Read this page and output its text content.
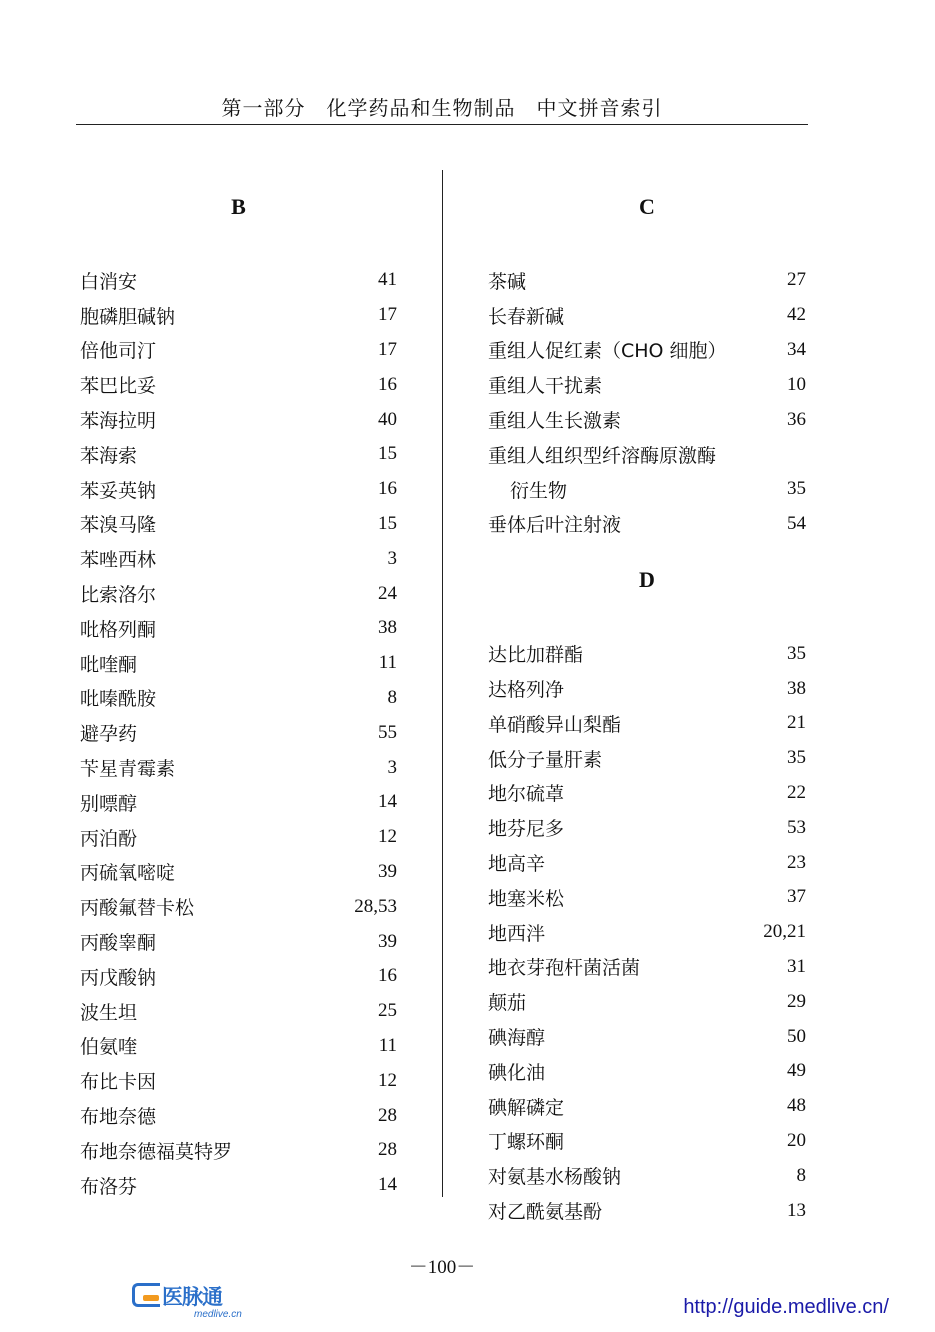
第一部分　化学药品和生物制品　中文拼音索引
B
白消安	41
胞磷胆碱钠	17
倍他司汀	17
苯巴比妥	16
苯海拉明	40
苯海索	15
苯妥英钠	16
苯溴马隆	15
苯唑西林	3
比索洛尔	24
吡格列酮	38
吡喹酮	11
吡嗪酰胺	8
避孕药	55
苄星青霉素	3
别嘌醇	14
丙泊酚	12
丙硫氧嘧啶	39
丙酸氟替卡松	28,53
丙酸睾酮	39
丙戊酸钠	16
波生坦	25
伯氨喹	11
布比卡因	12
布地奈德	28
布地奈德福莫特罗	28
布洛芬	14
C
茶碱	27
长春新碱	42
重组人促红素（CHO 细胞）	34
重组人干扰素	10
重组人生长激素	36
重组人组织型纤溶酶原激酶
衍生物	35
垂体后叶注射液	54
D
达比加群酯	35
达格列净	38
单硝酸异山梨酯	21
低分子量肝素	35
地尔硫䓬	22
地芬尼多	53
地高辛	23
地塞米松	37
地西泮	20,21
地衣芽孢杆菌活菌	31
颠茄	29
碘海醇	50
碘化油	49
碘解磷定	48
丁螺环酮	20
对氨基水杨酸钠	8
对乙酰氨基酚	13
－100－
医脉通
medlive.cn	http://guide.medlive.cn/
